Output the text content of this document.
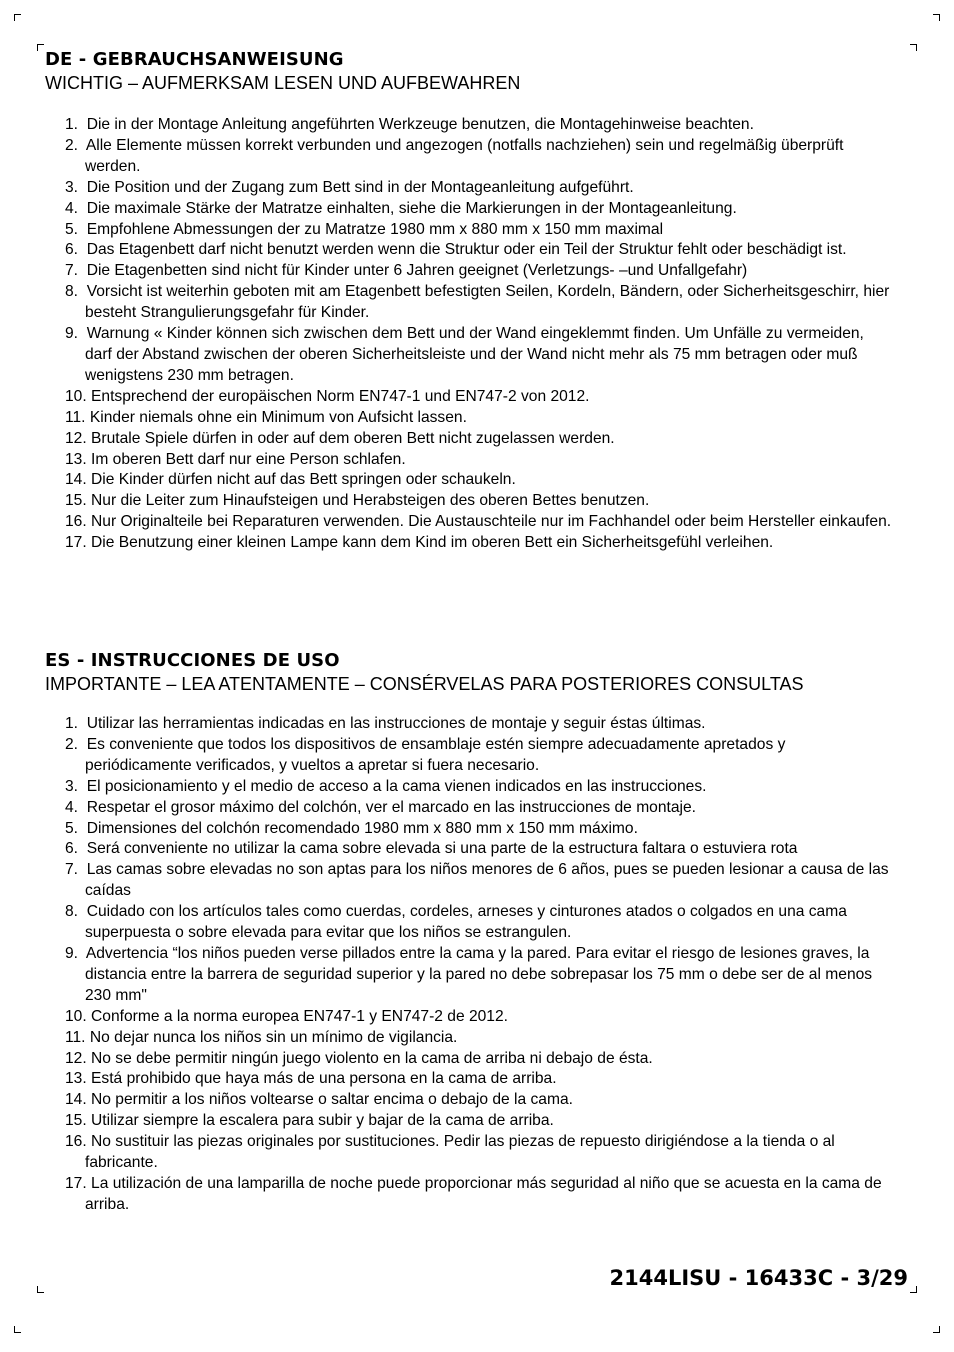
DE - GEBRAUCHSANWEISUNG

WICHTIG – AUFMERKSAM LESEN UND AUFBEWAHREN

1. Die in der Montage Anleitung angeführten Werkzeuge benutzen, die Montagehinweise beachten.
2. Alle Elemente müssen korrekt verbunden und angezogen (notfalls nachziehen) sein und regelmäßig überprüft werden.
3. Die Position und der Zugang zum Bett sind in der Montageanleitung aufgeführt.
4. Die maximale Stärke der Matratze einhalten, siehe die Markierungen in der Montageanleitung.
5. Empfohlene Abmessungen der zu Matratze 1980 mm x 880 mm x 150 mm maximal
6. Das Etagenbett darf nicht benutzt werden wenn die Struktur oder ein Teil der Struktur fehlt oder beschädigt ist.
7. Die Etagenbetten sind nicht für Kinder unter 6 Jahren geeignet (Verletzungs- –und Unfallgefahr)
8. Vorsicht ist weiterhin geboten mit am Etagenbett befestigten Seilen, Kordeln, Bändern, oder Sicherheitsgeschirr, hier besteht Strangulierungsgefahr für Kinder.
9. Warnung « Kinder können sich zwischen dem Bett und der Wand eingeklemmt finden. Um Unfälle zu vermeiden, darf der Abstand zwischen der oberen Sicherheitsleiste und der Wand nicht mehr als 75 mm betragen oder muß wenigstens 230 mm betragen.
10. Entsprechend der europäischen Norm EN747-1 und EN747-2 von 2012.
11. Kinder niemals ohne ein Minimum von Aufsicht lassen.
12. Brutale Spiele dürfen in oder auf dem oberen Bett nicht zugelassen werden.
13. Im oberen Bett darf nur eine Person schlafen.
14. Die Kinder dürfen nicht auf das Bett springen oder schaukeln.
15. Nur die Leiter zum Hinaufsteigen und Herabsteigen des oberen Bettes benutzen.
16. Nur Originalteile bei Reparaturen verwenden. Die Austauschteile nur im Fachhandel oder beim Hersteller einkaufen.
17. Die Benutzung einer kleinen Lampe kann dem Kind im oberen Bett ein Sicherheitsgefühl verleihen.
ES - INSTRUCCIONES DE USO

IMPORTANTE – LEA ATENTAMENTE – CONSÉRVELAS PARA POSTERIORES CONSULTAS

1. Utilizar las herramientas indicadas en las instrucciones de montaje y seguir éstas últimas.
2. Es conveniente que todos los dispositivos de ensamblaje estén siempre adecuadamente apretados y periódicamente verificados, y vueltos a apretar si fuera necesario.
3. El posicionamiento y el medio de acceso a la cama vienen indicados en las instrucciones.
4. Respetar el grosor máximo del colchón, ver el marcado en las instrucciones de montaje.
5. Dimensiones del colchón recomendado 1980 mm x 880 mm x 150 mm máximo.
6. Será conveniente no utilizar la cama sobre elevada si una parte de la estructura faltara o estuviera rota
7. Las camas sobre elevadas no son aptas para los niños menores de 6 años, pues se pueden lesionar a causa de las caídas
8. Cuidado con los artículos tales como cuerdas, cordeles, arneses y cinturones atados o colgados en una cama superpuesta o sobre elevada para evitar que los niños se estrangulen.
9. Advertencia “los niños pueden verse pillados entre la cama y la pared. Para evitar el riesgo de lesiones graves, la distancia entre la barrera de seguridad superior y la pared no debe sobrepasar los 75 mm o debe ser de al menos 230 mm"
10. Conforme a la norma europea EN747-1 y EN747-2 de 2012.
11. No dejar nunca los niños sin un mínimo de vigilancia.
12. No se debe permitir ningún juego violento en la cama de arriba ni debajo de ésta.
13. Está prohibido que haya más de una persona en la cama de arriba.
14. No permitir a los niños voltearse o saltar encima o debajo de la cama.
15. Utilizar siempre la escalera para subir y bajar de la cama de arriba.
16. No sustituir las piezas originales por sustituciones. Pedir las piezas de repuesto dirigiéndose a la tienda o al fabricante.
17. La utilización de una lamparilla de noche puede proporcionar más seguridad al niño que se acuesta en la cama de arriba.
2144LISU - 16433C - 3/29
